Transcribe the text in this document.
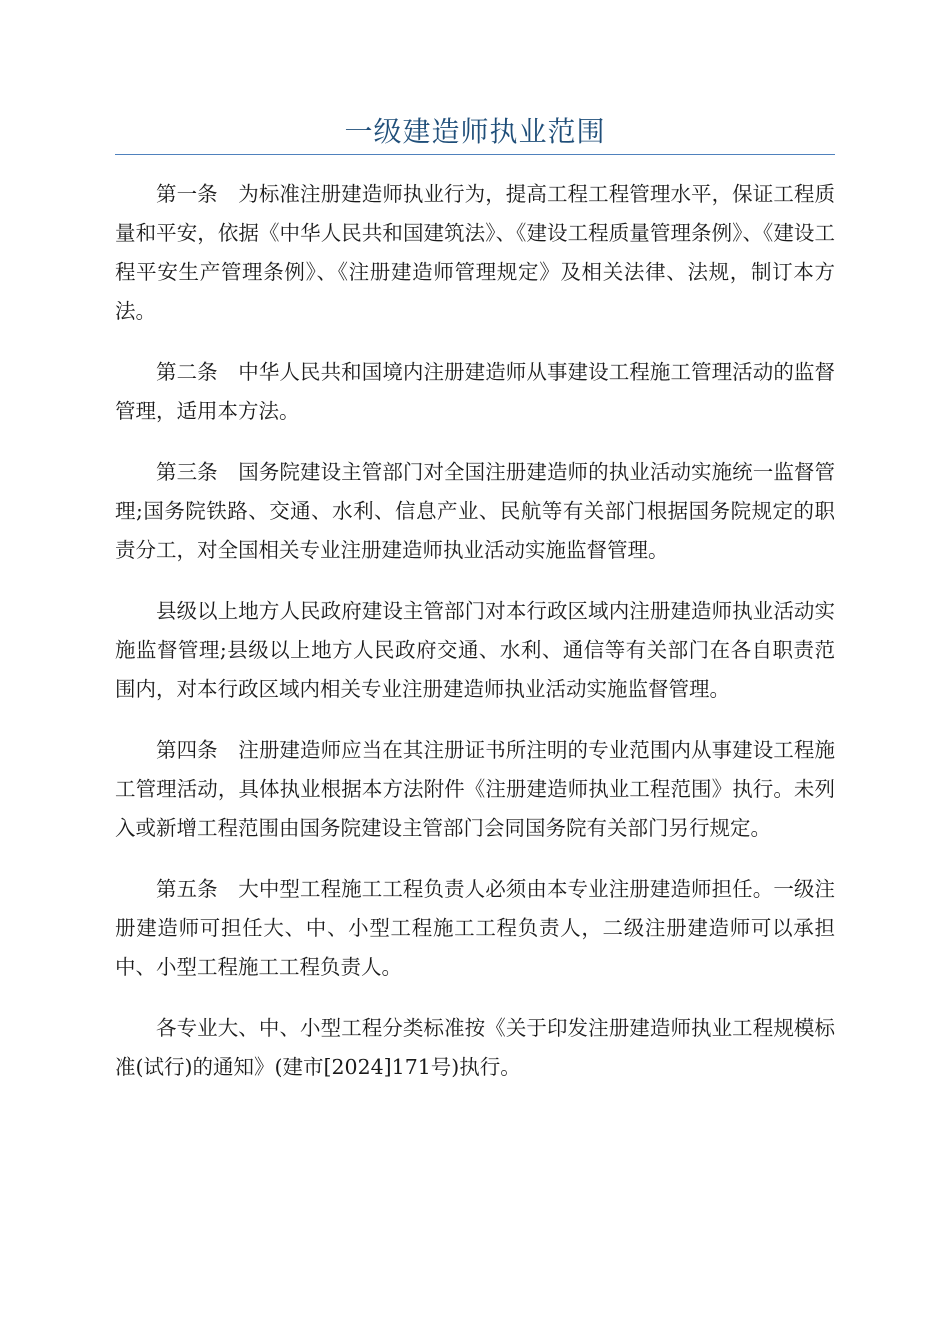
一级建造师执业范围

第一条 为标准注册建造师执业行为，提高工程工程管理水平，保证工程质量和平安，依据《中华人民共和国建筑法》、《建设工程质量管理条例》、《建设工程平安生产管理条例》、《注册建造师管理规定》及相关法律、法规，制订本方法。

第二条 中华人民共和国境内注册建造师从事建设工程施工管理活动的监督管理，适用本方法。

第三条 国务院建设主管部门对全国注册建造师的执业活动实施统一监督管理;国务院铁路、交通、水利、信息产业、民航等有关部门根据国务院规定的职责分工，对全国相关专业注册建造师执业活动实施监督管理。

县级以上地方人民政府建设主管部门对本行政区域内注册建造师执业活动实施监督管理;县级以上地方人民政府交通、水利、通信等有关部门在各自职责范围内，对本行政区域内相关专业注册建造师执业活动实施监督管理。

第四条 注册建造师应当在其注册证书所注明的专业范围内从事建设工程施工管理活动，具体执业根据本方法附件《注册建造师执业工程范围》执行。未列入或新增工程范围由国务院建设主管部门会同国务院有关部门另行规定。

第五条 大中型工程施工工程负责人必须由本专业注册建造师担任。一级注册建造师可担任大、中、小型工程施工工程负责人，二级注册建造师可以承担中、小型工程施工工程负责人。

各专业大、中、小型工程分类标准按《关于印发注册建造师执业工程规模标准(试行)的通知》(建市[2024]171号)执行。
